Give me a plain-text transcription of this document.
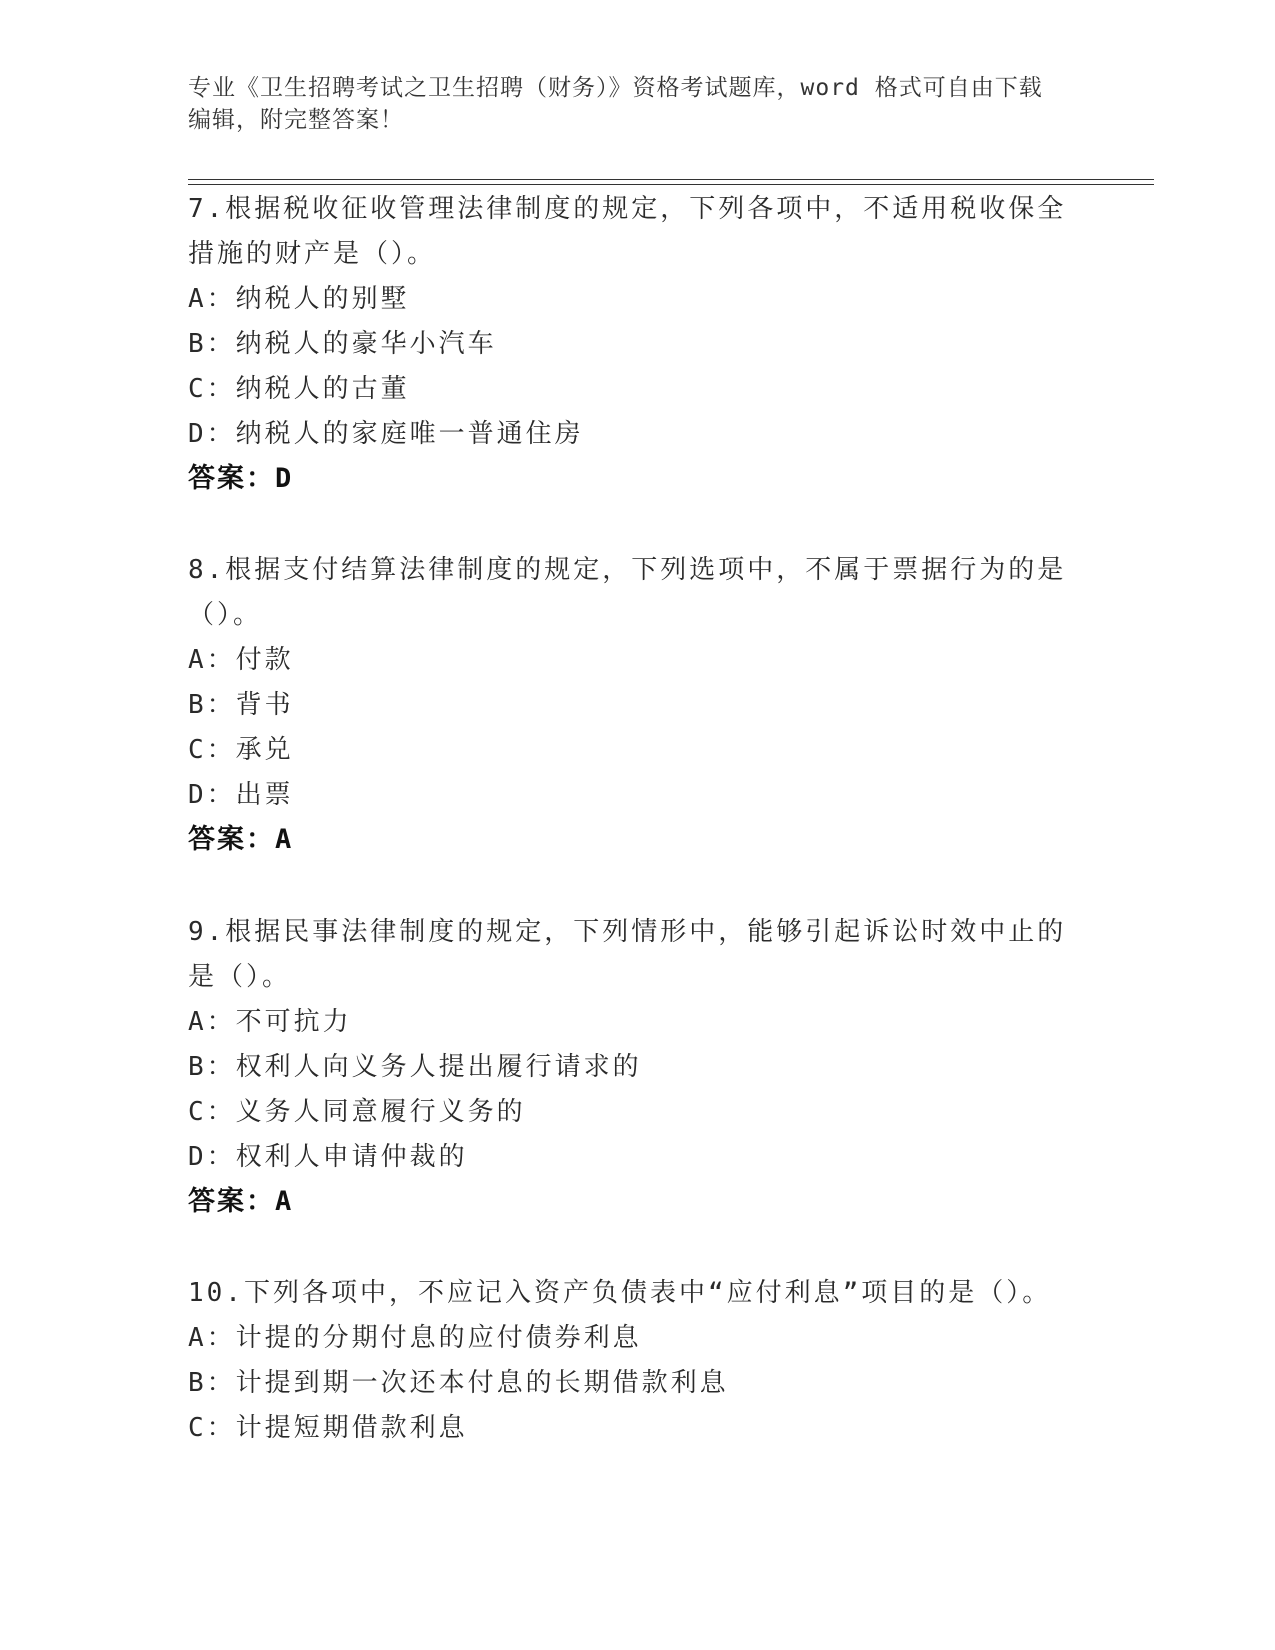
专业《卫生招聘考试之卫生招聘（财务）》资格考试题库，word 格式可自由下载
编辑，附完整答案！
7.根据税收征收管理法律制度的规定，下列各项中，不适用税收保全
措施的财产是（）。
A：纳税人的别墅
B：纳税人的豪华小汽车
C：纳税人的古董
D：纳税人的家庭唯一普通住房
答案：D
8.根据支付结算法律制度的规定，下列选项中，不属于票据行为的是
（）。
A：付款
B：背书
C：承兑
D：出票
答案：A
9.根据民事法律制度的规定，下列情形中，能够引起诉讼时效中止的
是（）。
A：不可抗力
B：权利人向义务人提出履行请求的
C：义务人同意履行义务的
D：权利人申请仲裁的
答案：A
10.下列各项中，不应记入资产负债表中“应付利息”项目的是（）。
A：计提的分期付息的应付债券利息
B：计提到期一次还本付息的长期借款利息
C：计提短期借款利息
